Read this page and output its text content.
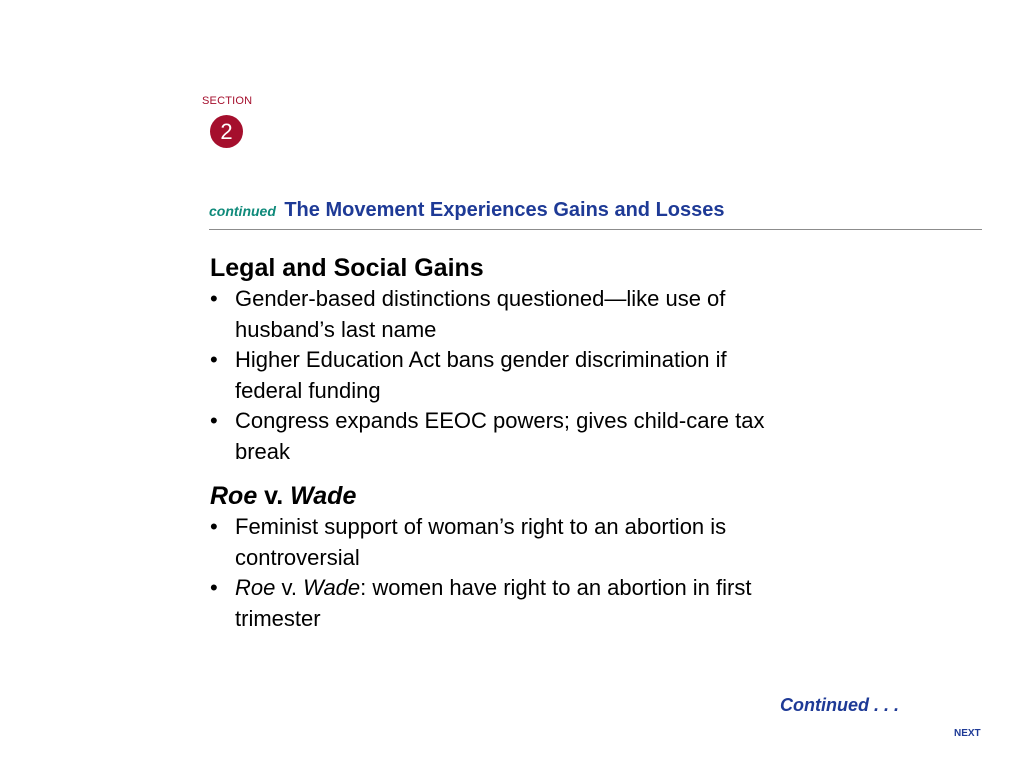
SECTION
2
continued The Movement Experiences Gains and Losses
Legal and Social Gains
• Gender-based distinctions questioned—like use of husband’s last name
• Higher Education Act bans gender discrimination if federal funding
• Congress expands EEOC powers; gives child-care tax break
Roe v. Wade
• Feminist support of woman’s right to an abortion is controversial
• Roe v. Wade: women have right to an abortion in first trimester
Continued . . .
NEXT
